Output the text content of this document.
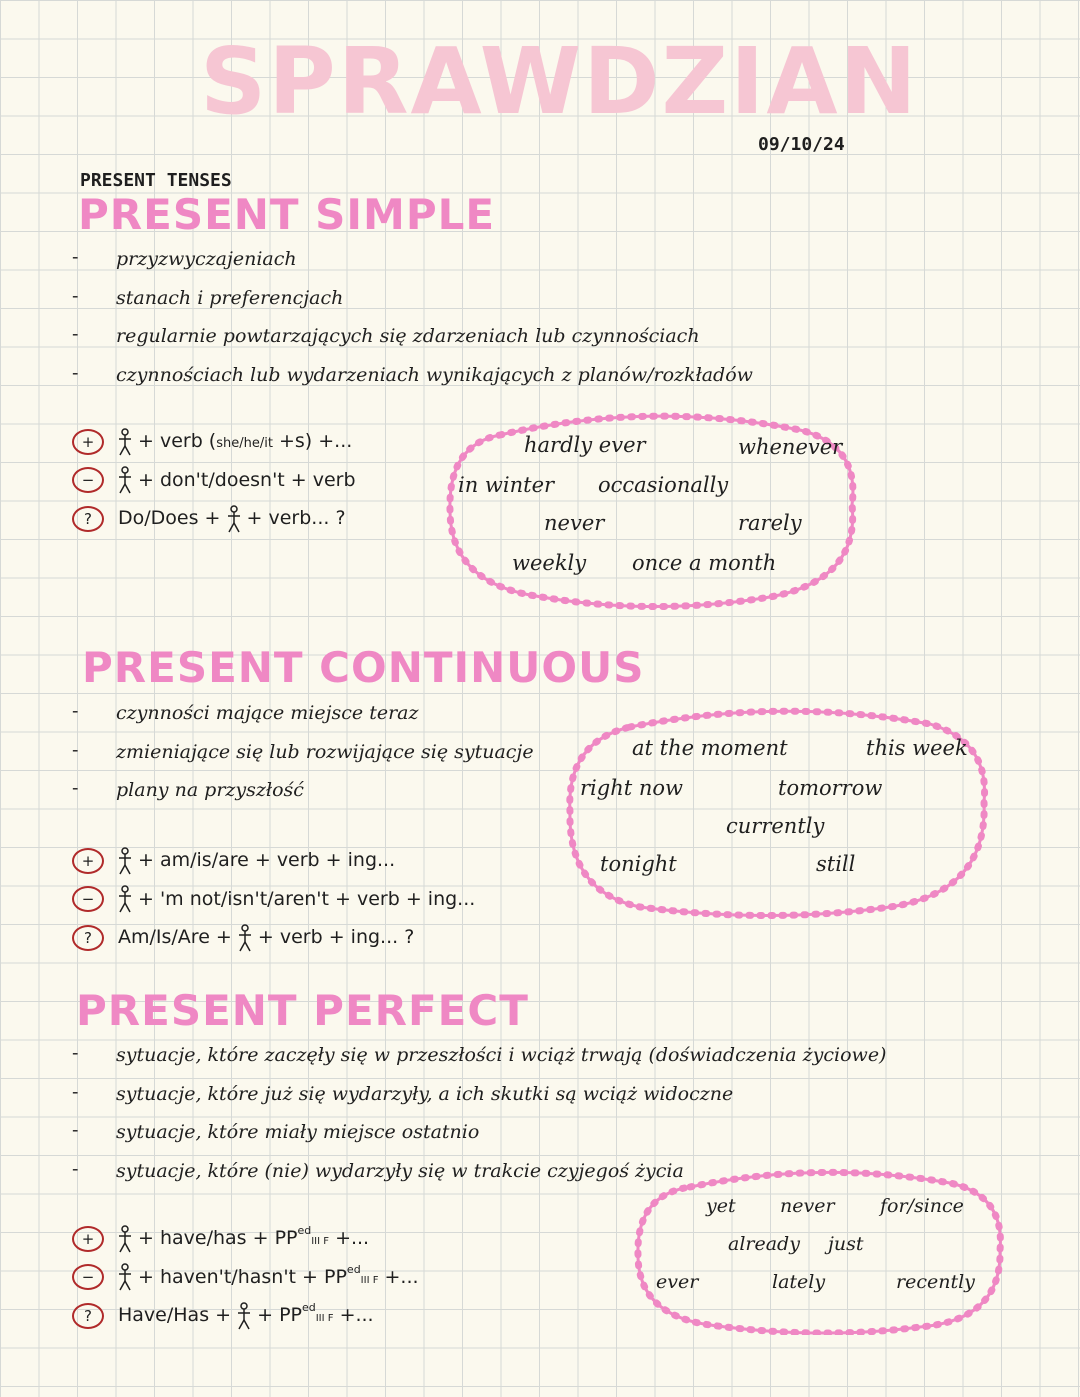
SPRAWDZIAN
09/10/24
PRESENT TENSES
PRESENT SIMPLE
- przyzwyczajeniach
- stanach i preferencjach
- regularnie powtarzających się zdarzeniach lub czynnościach
- czynnościach lub wydarzeniach wynikających z planów/rozkładów
+ + verb (she/he/it +s) +...
− + don't/doesn't + verb
? Do/Does + + verb... ?
hardly ever	whenever
in winter occasionally
never	rarely
weekly once a month
PRESENT CONTINUOUS
- czynności mające miejsce teraz
- zmieniające się lub rozwijające się sytuacje
- plany na przyszłość
+ + am/is/are + verb + ing...
− + 'm not/isn't/aren't + verb + ing...
? Am/Is/Are + + verb + ing... ?
at the moment	this week
right now	tomorrow
currently
tonight	still
PRESENT PERFECT
- sytuacje, które zaczęły się w przeszłości i wciąż trwają (doświadczenia życiowe)
- sytuacje, które już się wydarzyły, a ich skutki są wciąż widoczne
- sytuacje, które miały miejsce ostatnio
- sytuacje, które (nie) wydarzyły się w trakcie czyjegoś życia
+ + have/has + $PP^{ed}III$ F +...
− + haven't/hasn't + $PP^{ed}III$ F +...
? Have/Has + + $PP^{ed}III$ F +...
yet never for/since
already just
ever	lately	recently
